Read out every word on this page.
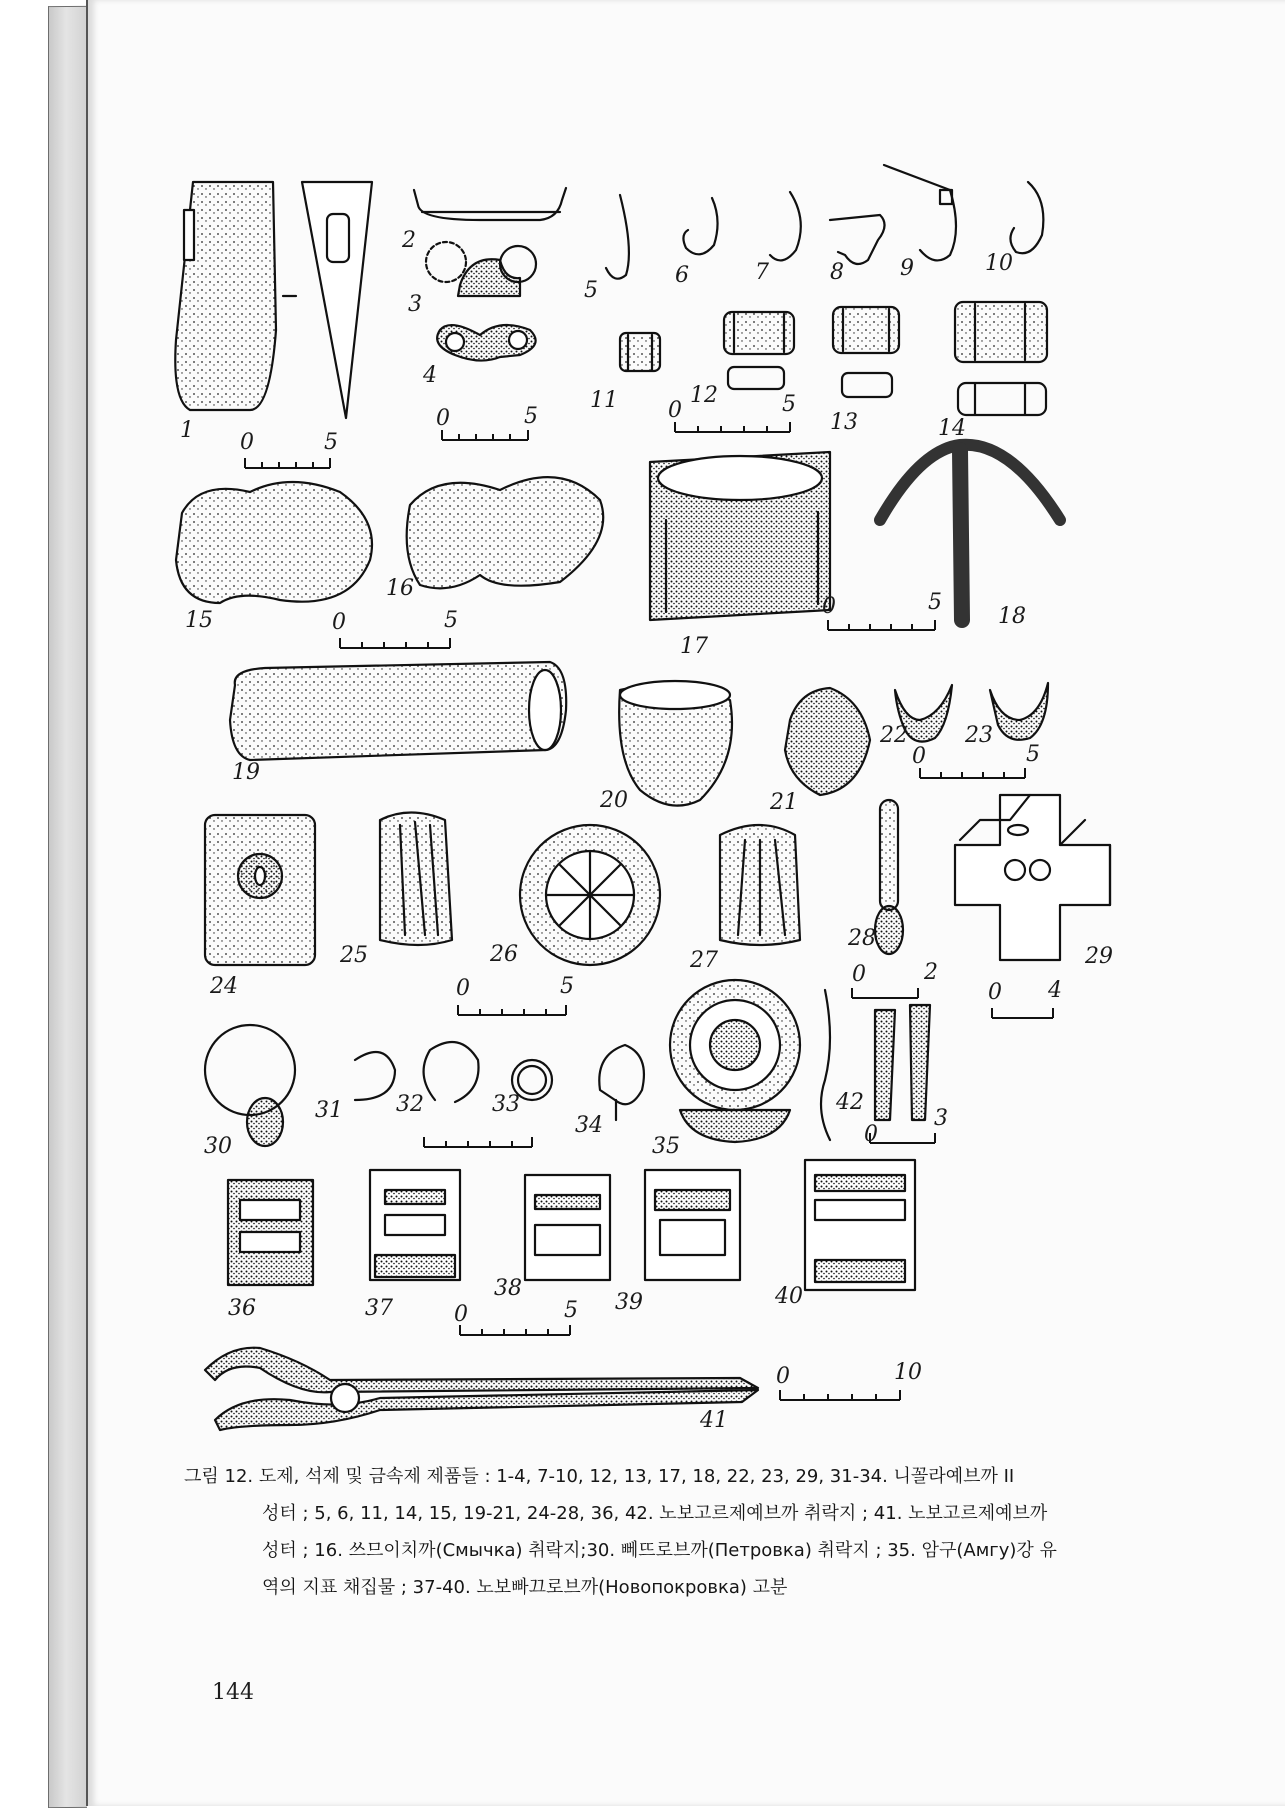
1
2
3
4
5
6	7	8	9	10
11	12
13	14
15
16
17
18
19
20	21
22	23
24
25	26	27
28
29
30
31 32	33
34
35
36	37
38
39	40
41
42
0	5
0	5	0	5
0	5
0	5
0	5
0	2
0 4
0	5
0
3
0	5
0	10
그림 12. 도제, 석제 및 금속제 제품들 : 1-4, 7-10, 12, 13, 17, 18, 22, 23, 29, 31-34. 니꼴라예브까 II
성터 ; 5, 6, 11, 14, 15, 19-21, 24-28, 36, 42. 노보고르제예브까 취락지 ; 41. 노보고르제예브까
성터 ; 16. 쓰므이치까(Смычка) 취락지;30. 뻬뜨로브까(Петровка) 취락지 ; 35. 암구(Амгу)강 유
역의 지표 채집물 ; 37-40. 노보빠끄로브까(Новопокровка) 고분
144
